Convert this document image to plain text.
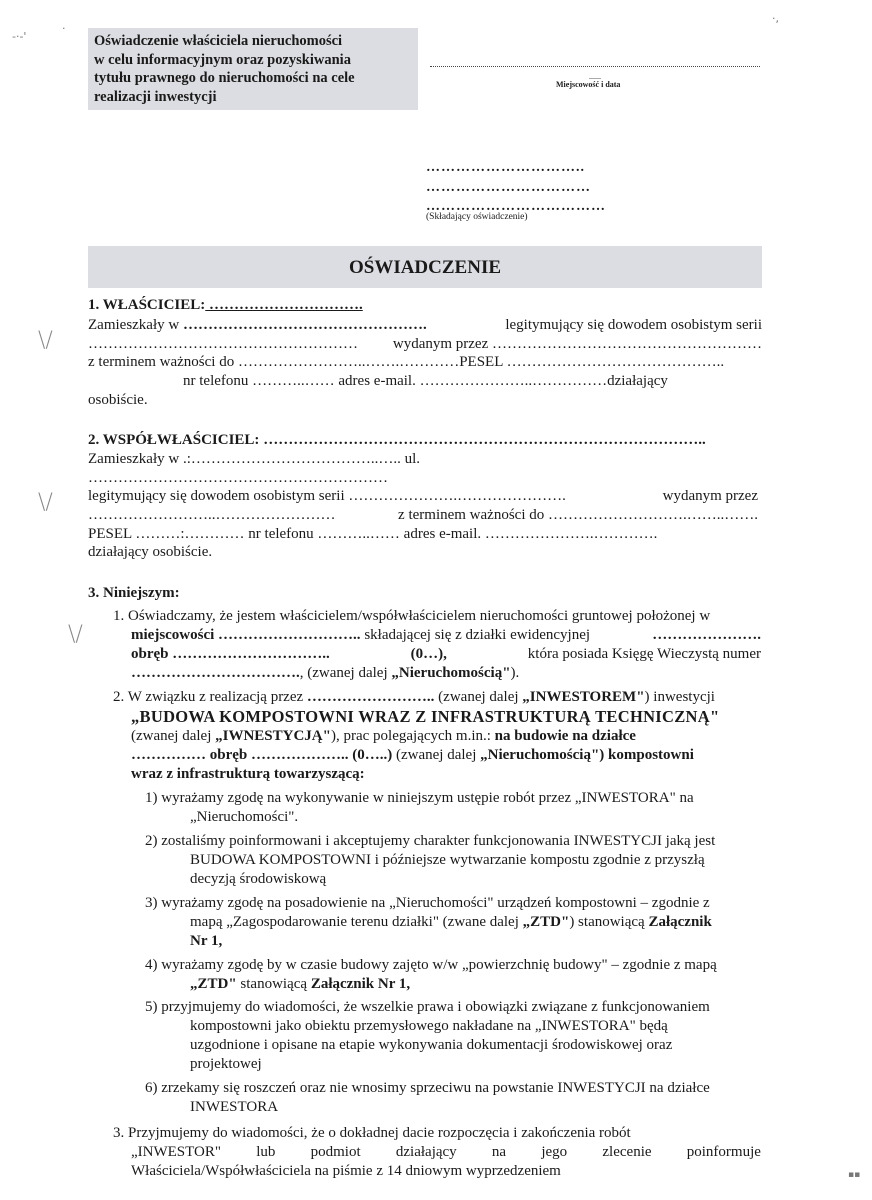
-·-'
·
·,
\/
\/
\/
Oświadczenie właściciela nieruchomości
w celu informacyjnym oraz pozyskiwania
tytułu prawnego do nieruchomości na cele
realizacji inwestycji
......
Miejscowość i data
…………………………..
……………………………
………………………………
(Składający oświadczenie)
OŚWIADCZENIE
1. WŁAŚCICIEL: ………………………….
Zamieszkały w ………………………………………….	legitymujący się dowodem osobistym serii
……………………………………………… wydanym przez ………………………………………………
z terminem ważności do ……………………..…….…………PESEL ……………………………………..
nr telefonu ………..…… adres e-mail. …………………..……………działający
osobiście.
2. WSPÓŁWŁAŚCICIEL: ……………………………………………………………………………..
Zamieszkały w .:………………………………..….. ul.
……………………………………………………
legitymujący się dowodem osobistym serii ………………….………………….	wydanym przez
……………………..……………………	z terminem ważności do ……………………….……..…….
PESEL ………:………… nr telefonu ………..…… adres e-mail. ………………….………….
działający osobiście.
3. Niniejszym:
1. Oświadczamy, że jestem właścicielem/współwłaścicielem nieruchomości gruntowej położonej w
miejscowości ……………………….. składającej się z działki ewidencyjnej	………………….
obręb …………………………..	(0…),	która posiada Księgę Wieczystą numer
……………………………., (zwanej dalej „Nieruchomością").
2. W związku z realizacją przez …………………….. (zwanej dalej „INWESTOREM") inwestycji
„BUDOWA KOMPOSTOWNI WRAZ Z INFRASTRUKTURĄ TECHNICZNĄ"
(zwanej dalej „IWNESTYCJĄ"), prac polegających m.in.: na budowie na działce
…………… obręb ……………….. (0…..) (zwanej dalej „Nieruchomością") kompostowni
wraz z infrastrukturą towarzyszącą:
1) wyrażamy zgodę na wykonywanie w niniejszym ustępie robót przez „INWESTORA" na
„Nieruchomości".
2) zostaliśmy poinformowani i akceptujemy charakter funkcjonowania INWESTYCJI jaką jest
BUDOWA KOMPOSTOWNI i późniejsze wytwarzanie kompostu zgodnie z przyszłą
decyzją środowiskową
3) wyrażamy zgodę na posadowienie na „Nieruchomości" urządzeń kompostowni – zgodnie z
mapą „Zagospodarowanie terenu działki" (zwane dalej „ZTD") stanowiącą Załącznik
Nr 1,
4) wyrażamy zgodę by w czasie budowy zajęto w/w „powierzchnię budowy" – zgodnie z mapą
„ZTD" stanowiącą Załącznik Nr 1,
5) przyjmujemy do wiadomości, że wszelkie prawa i obowiązki związane z funkcjonowaniem
kompostowni jako obiektu przemysłowego nakładane na „INWESTORA" będą
uzgodnione i opisane na etapie wykonywania dokumentacji środowiskowej oraz
projektowej
6) zrzekamy się roszczeń oraz nie wnosimy sprzeciwu na powstanie INWESTYCJI na działce
INWESTORA
3. Przyjmujemy do wiadomości, że o dokładnej dacie rozpoczęcia i zakończenia robót
„INWESTOR" lub podmiot działający na jego zlecenie poinformuje
Właściciela/Współwłaściciela na piśmie z 14 dniowym wyprzedzeniem	▪▪
